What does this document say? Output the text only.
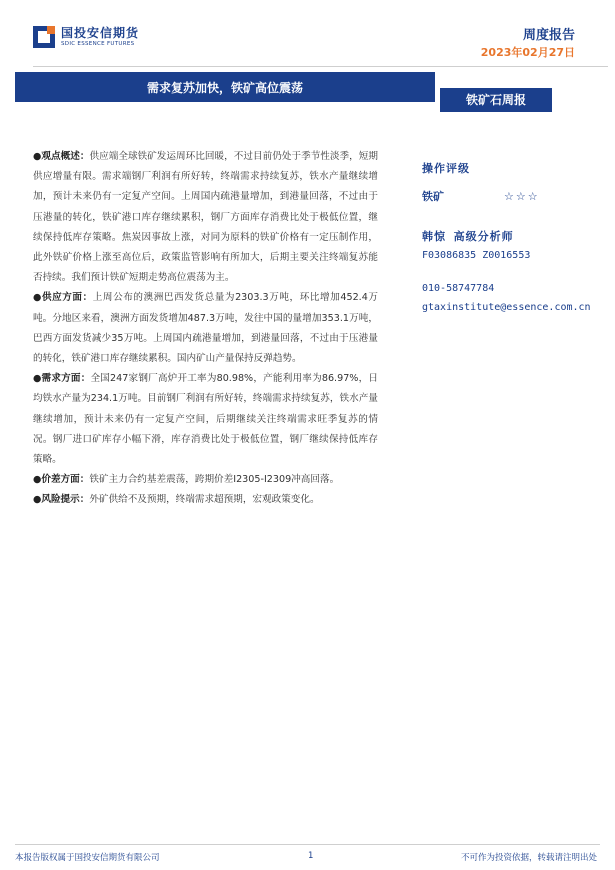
国投安信期货
SDIC ESSENCE FUTURES
周度报告
2023年02月27日
需求复苏加快，铁矿高位震荡
铁矿石周报

●观点概述：供应端全球铁矿发运周环比回暖，不过目前仍处于季节性淡季，短期供应增量有限。需求端钢厂利润有所好转，终端需求持续复苏，铁水产量继续增加，预计未来仍有一定复产空间。上周国内疏港量增加，到港量回落，不过由于压港量的转化，铁矿港口库存继续累积，钢厂方面库存消费比处于极低位置，继续保持低库存策略。焦炭因事故上涨，对同为原料的铁矿价格有一定压制作用，此外铁矿价格上涨至高位后，政策监管影响有所加大，后期主要关注终端复苏能否持续。我们预计铁矿短期走势高位震荡为主。

●供应方面：上周公布的澳洲巴西发货总量为2303.3万吨，环比增加452.4万吨。分地区来看，澳洲方面发货增加487.3万吨，发往中国的量增加353.1万吨，巴西方面发货减少35万吨。上周国内疏港量增加，到港量回落，不过由于压港量的转化，铁矿港口库存继续累积。国内矿山产量保持反弹趋势。

●需求方面：全国247家钢厂高炉开工率为80.98%，产能利用率为86.97%，日均铁水产量为234.1万吨。目前钢厂利润有所好转，终端需求持续复苏，铁水产量继续增加，预计未来仍有一定复产空间，后期继续关注终端需求旺季复苏的情况。钢厂进口矿库存小幅下滑，库存消费比处于极低位置，钢厂继续保持低库存策略。

●价差方面：铁矿主力合约基差震荡，跨期价差I2305-I2309冲高回落。

●风险提示：外矿供给不及预期，终端需求超预期，宏观政策变化。

操作评级
铁矿	☆☆☆
韩惊 高级分析师
F03086835 Z0016553
010-58747784
gtaxinstitute@essence.com.cn
本报告版权属于国投安信期货有限公司	1	不可作为投资依据，转载请注明出处
